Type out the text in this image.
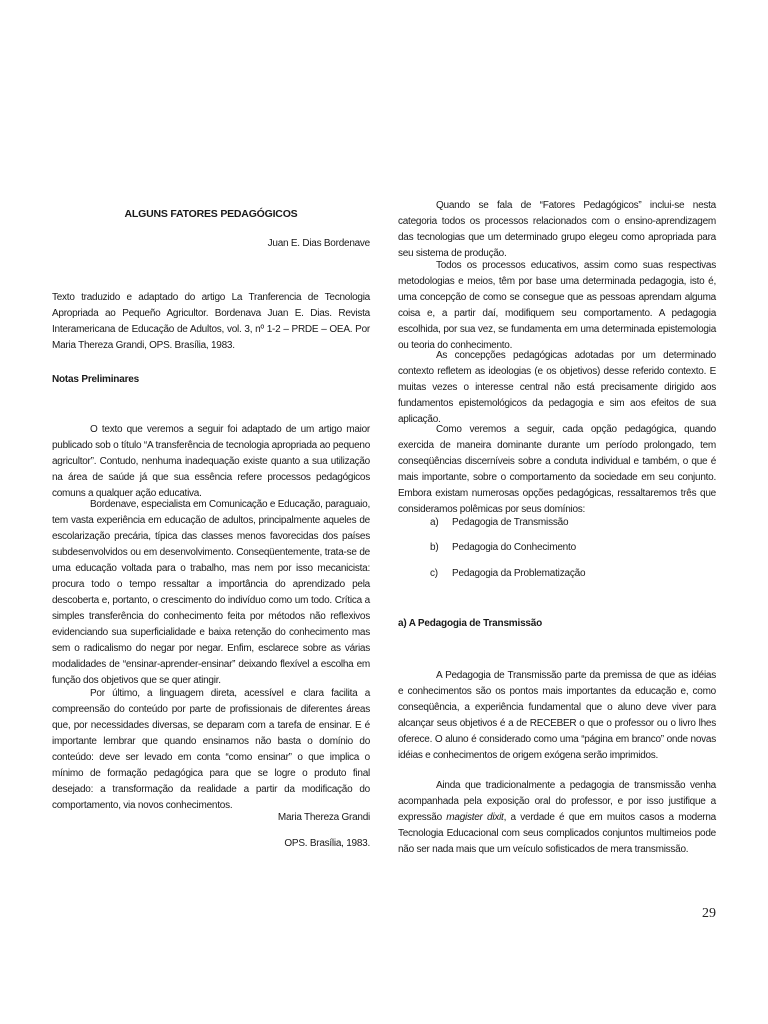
ALGUNS FATORES PEDAGÓGICOS
Juan E. Dias Bordenave

Texto traduzido e adaptado do artigo La Tranferencia de Tecnologia Apropriada ao Pequeño Agricultor. Bordenava Juan E. Dias. Revista Interamericana de Educação de Adultos, vol. 3, nº 1-2 – PRDE – OEA. Por Maria Thereza Grandi, OPS. Brasília, 1983.

Notas Preliminares

O texto que veremos a seguir foi adaptado de um artigo maior publicado sob o título “A transferência de tecnologia apropriada ao pequeno agricultor”. Contudo, nenhuma inadequação existe quanto a sua utilização na área de saúde já que sua essência refere processos pedagógicos comuns a qualquer ação educativa.

Bordenave, especialista em Comunicação e Educação, paraguaio, tem vasta experiência em educação de adultos, principalmente aqueles de escolarização precária, típica das classes menos favorecidas dos países subdesenvolvidos ou em desenvolvimento. Conseqüentemente, trata-se de uma educação voltada para o trabalho, mas nem por isso mecanicista: procura todo o tempo ressaltar a importância do aprendizado pela descoberta e, portanto, o crescimento do indivíduo como um todo. Crítica a simples transferência do conhecimento feita por métodos não reflexivos evidenciando sua superficialidade e baixa retenção do conhecimento mas sem o radicalismo do negar por negar. Enfim, esclarece sobre as várias modalidades de “ensinar-aprender-ensinar” deixando flexível a escolha em função dos objetivos que se quer atingir.

Por último, a linguagem direta, acessível e clara facilita a compreensão do conteúdo por parte de profissionais de diferentes áreas que, por necessidades diversas, se deparam com a tarefa de ensinar. E é importante lembrar que quando ensinamos não basta o domínio do conteúdo: deve ser levado em conta “como ensinar” o que implica o mínimo de formação pedagógica para que se logre o produto final desejado: a transformação da realidade a partir da modificação do comportamento, via novos conhecimentos.

Maria Thereza Grandi
OPS. Brasília, 1983.

Quando se fala de “Fatores Pedagógicos” inclui-se nesta categoria todos os processos relacionados com o ensino-aprendizagem das tecnologias que um determinado grupo elegeu como apropriada para seu sistema de produção.

Todos os processos educativos, assim como suas respectivas metodologias e meios, têm por base uma determinada pedagogia, isto é, uma concepção de como se consegue que as pessoas aprendam alguma coisa e, a partir daí, modifiquem seu comportamento. A pedagogia escolhida, por sua vez, se fundamenta em uma determinada epistemologia ou teoria do conhecimento.

As concepções pedagógicas adotadas por um determinado contexto refletem as ideologias (e os objetivos) desse referido contexto. E muitas vezes o interesse central não está precisamente dirigido aos fundamentos epistemológicos da pedagogia e sim aos efeitos de sua aplicação.

Como veremos a seguir, cada opção pedagógica, quando exercida de maneira dominante durante um período prolongado, tem conseqüências discerníveis sobre a conduta individual e também, o que é mais importante, sobre o comportamento da sociedade em seu conjunto. Embora existam numerosas opções pedagógicas, ressaltaremos três que consideramos polêmicas por seus domínios:

a) Pedagogia de Transmissão
b) Pedagogia do Conhecimento
c) Pedagogia da Problematização
a) A Pedagogia de Transmissão

A Pedagogia de Transmissão parte da premissa de que as idéias e conhecimentos são os pontos mais importantes da educação e, como conseqüência, a experiência fundamental que o aluno deve viver para alcançar seus objetivos é a de RECEBER o que o professor ou o livro lhes oferece. O aluno é considerado como uma “página em branco” onde novas idéias e conhecimentos de origem exógena serão imprimidos.

Ainda que tradicionalmente a pedagogia de transmissão venha acompanhada pela exposição oral do professor, e por isso justifique a expressão magister dixit, a verdade é que em muitos casos a moderna Tecnologia Educacional com seus complicados conjuntos multimeios pode não ser nada mais que um veículo sofisticados de mera transmissão.

29
